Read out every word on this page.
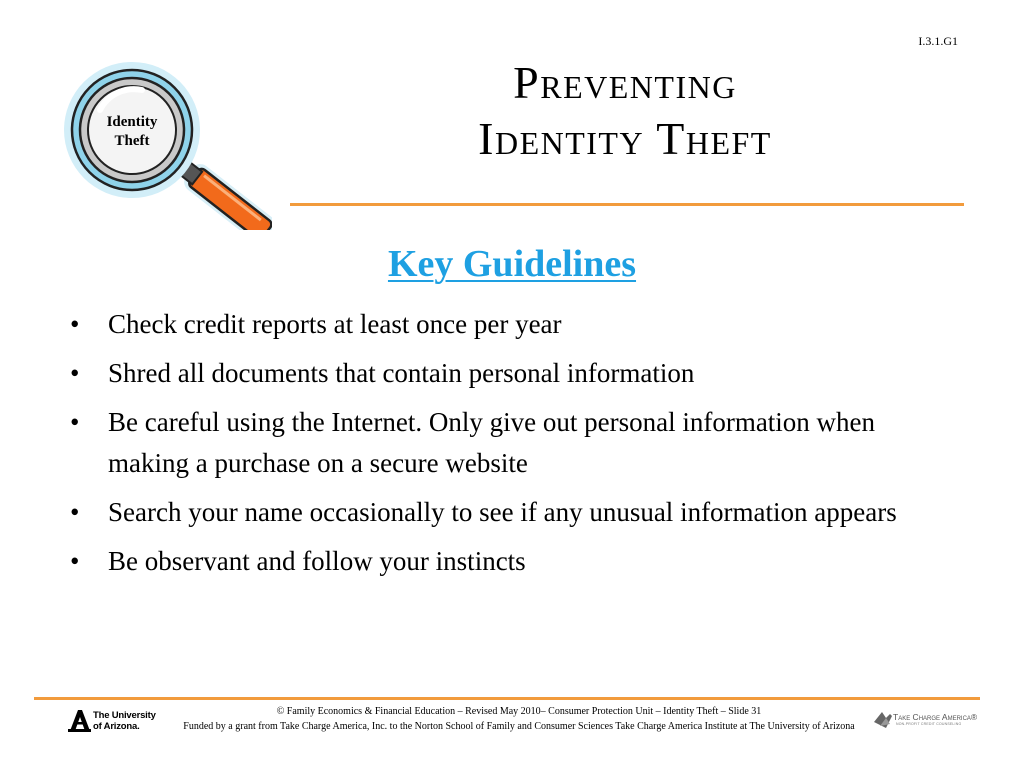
I.3.1.G1
Identity
Theft
Preventing
Identity Theft
Key Guidelines
• Check credit reports at least once per year
• Shred all documents that contain personal information
• Be careful using the Internet. Only give out personal information when making a purchase on a secure website
• Search your name occasionally to see if any unusual information appears
• Be observant and follow your instincts
The University
of Arizona.
© Family Economics & Financial Education – Revised May 2010– Consumer Protection Unit – Identity Theft – Slide 31
Funded by a grant from Take Charge America, Inc. to the Norton School of Family and Consumer Sciences Take Charge America Institute at The University of Arizona
Take Charge America®
NON-PROFIT CREDIT COUNSELING
